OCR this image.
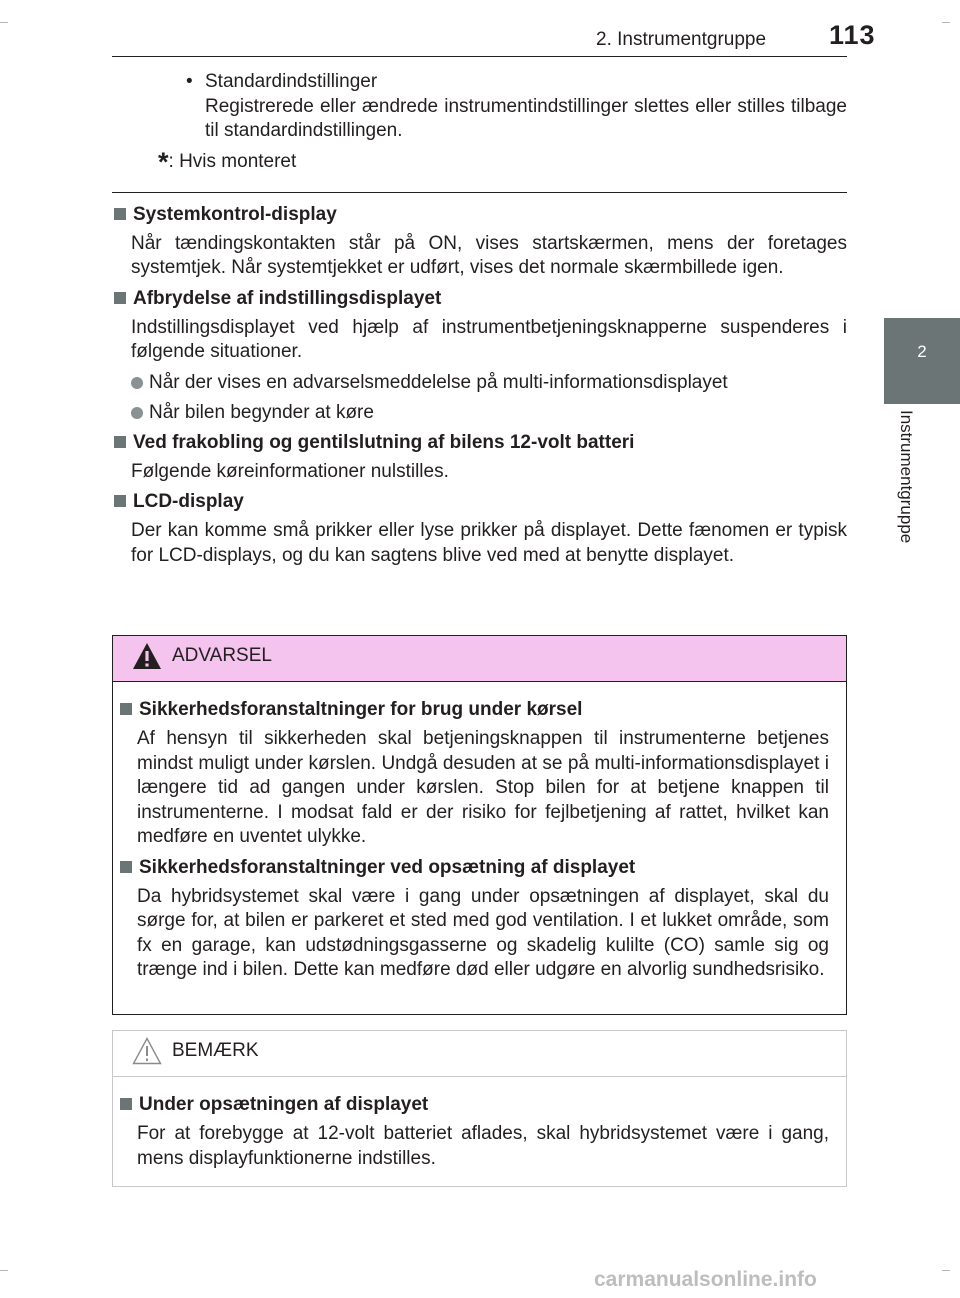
113
2. Instrumentgruppe
2
Instrumentgruppe
• Standardindstillinger
Registrerede eller ændrede instrumentindstillinger slettes eller stilles tilbage til standardindstillingen.
*: Hvis monteret
Systemkontrol-display
Når tændingskontakten står på ON, vises startskærmen, mens der foretages systemtjek. Når systemtjekket er udført, vises det normale skærmbillede igen.
Afbrydelse af indstillingsdisplayet
Indstillingsdisplayet ved hjælp af instrumentbetjeningsknapperne suspenderes i følgende situationer.
Når der vises en advarselsmeddelelse på multi-informationsdisplayet
Når bilen begynder at køre
Ved frakobling og gentilslutning af bilens 12-volt batteri
Følgende køreinformationer nulstilles.
LCD-display
Der kan komme små prikker eller lyse prikker på displayet. Dette fænomen er typisk for LCD-displays, og du kan sagtens blive ved med at benytte displayet.
ADVARSEL
Sikkerhedsforanstaltninger for brug under kørsel
Af hensyn til sikkerheden skal betjeningsknappen til instrumenterne betjenes mindst muligt under kørslen. Undgå desuden at se på multi-informationsdisplayet i længere tid ad gangen under kørslen. Stop bilen for at betjene knappen til instrumenterne. I modsat fald er der risiko for fejlbetjening af rattet, hvilket kan medføre en uventet ulykke.
Sikkerhedsforanstaltninger ved opsætning af displayet
Da hybridsystemet skal være i gang under opsætningen af displayet, skal du sørge for, at bilen er parkeret et sted med god ventilation. I et lukket område, som fx en garage, kan udstødningsgasserne og skadelig kulilte (CO) samle sig og trænge ind i bilen. Dette kan medføre død eller udgøre en alvorlig sundhedsrisiko.
BEMÆRK
Under opsætningen af displayet
For at forebygge at 12-volt batteriet aflades, skal hybridsystemet være i gang, mens displayfunktionerne indstilles.
carmanualsonline.info
